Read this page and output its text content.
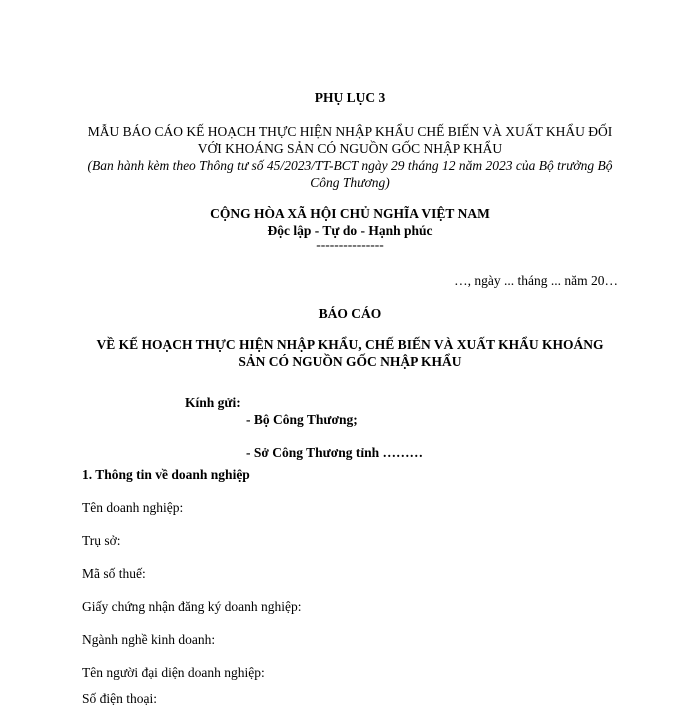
PHỤ LỤC 3

MẪU BÁO CÁO KẾ HOẠCH THỰC HIỆN NHẬP KHẨU CHẾ BIẾN VÀ XUẤT KHẨU ĐỐI

VỚI KHOÁNG SẢN CÓ NGUỒN GỐC NHẬP KHẨU

(Ban hành kèm theo Thông tư số 45/2023/TT-BCT ngày 29 tháng 12 năm 2023 của Bộ trưởng Bộ

Công Thương)

CỘNG HÒA XÃ HỘI CHỦ NGHĨA VIỆT NAM

Độc lập - Tự do - Hạnh phúc

---------------

…, ngày ... tháng ... năm 20…

BÁO CÁO

VỀ KẾ HOẠCH THỰC HIỆN NHẬP KHẨU, CHẾ BIẾN VÀ XUẤT KHẨU KHOÁNG

SẢN CÓ NGUỒN GỐC NHẬP KHẨU

Kính gửi:

- Bộ Công Thương;

- Sở Công Thương tỉnh ………

1. Thông tin về doanh nghiệp

Tên doanh nghiệp:

Trụ sở:

Mã số thuế:

Giấy chứng nhận đăng ký doanh nghiệp:

Ngành nghề kinh doanh:

Tên người đại diện doanh nghiệp:

Số điện thoại:
